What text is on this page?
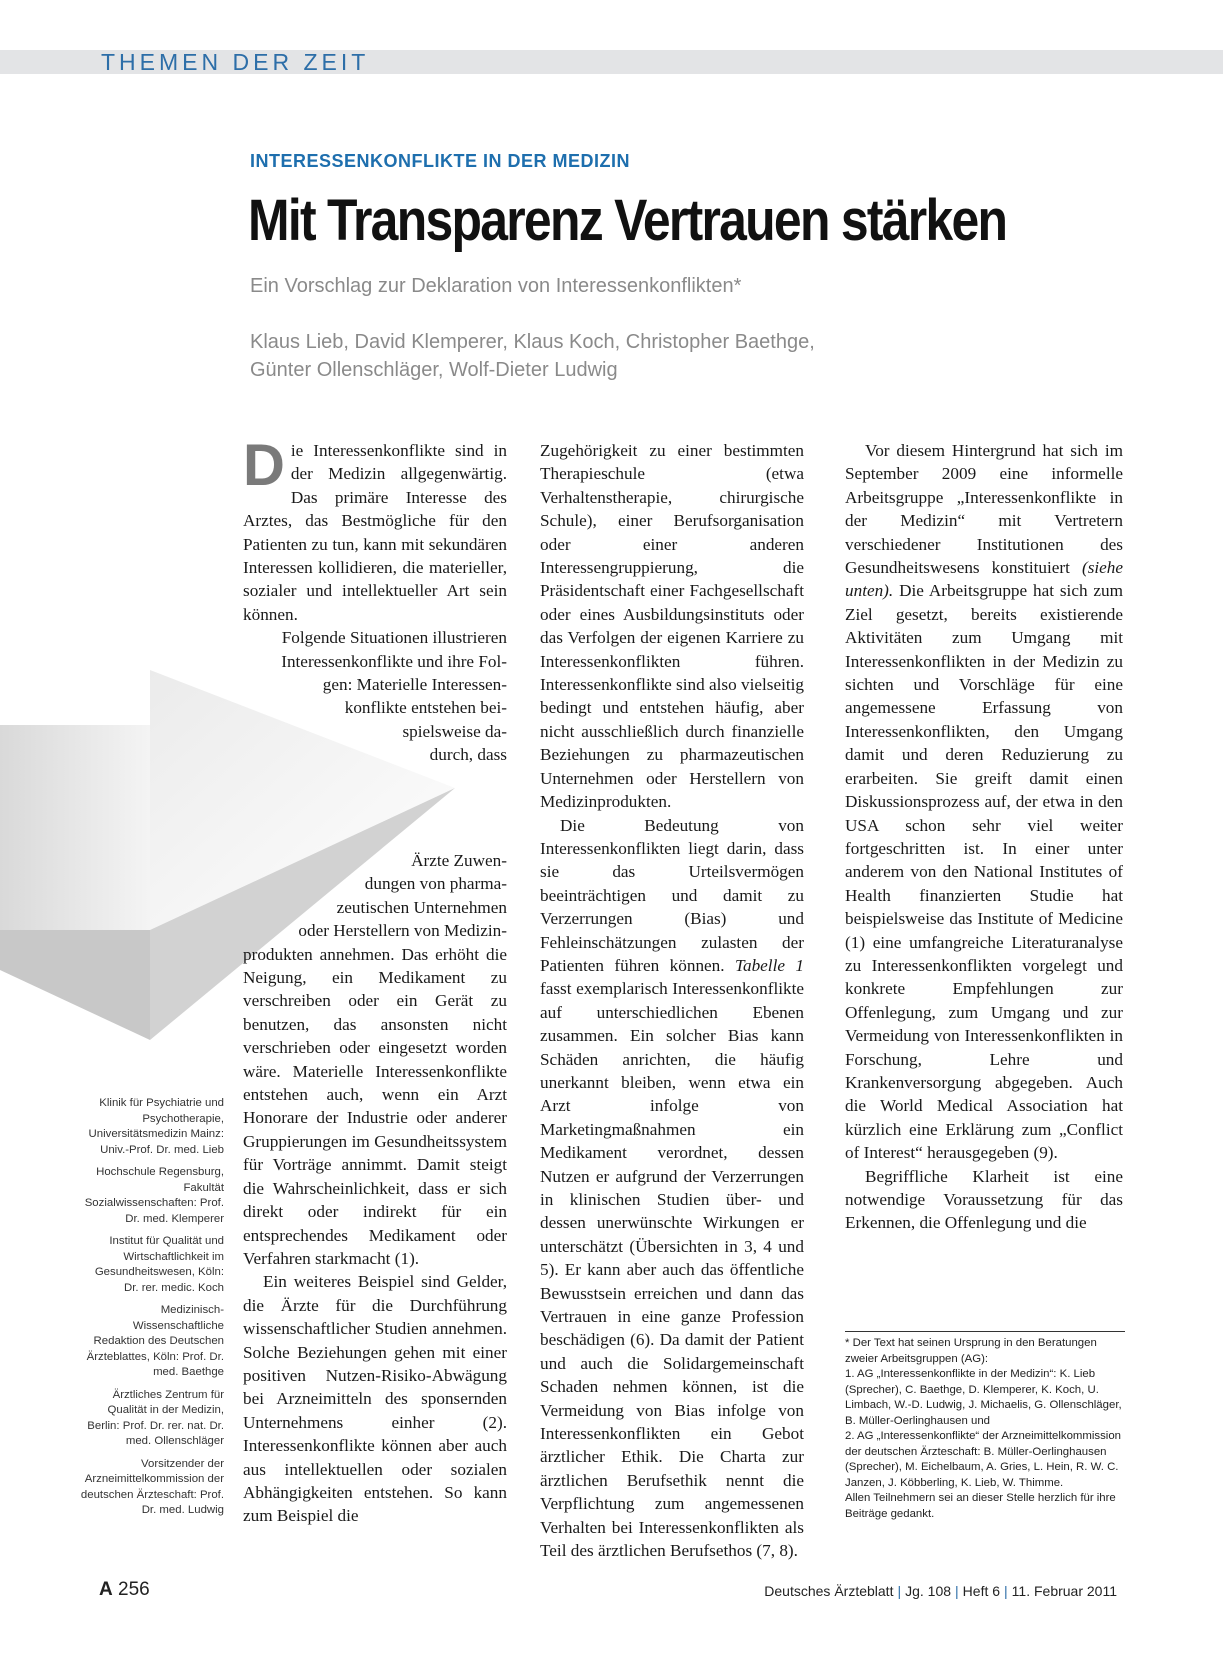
THEMEN DER ZEIT
INTERESSENKONFLIKTE IN DER MEDIZIN
Mit Transparenz Vertrauen stärken
Ein Vorschlag zur Deklaration von Interessenkonflikten*
Klaus Lieb, David Klemperer, Klaus Koch, Christopher Baethge,
Günter Ollenschläger, Wolf-Dieter Ludwig
D ie Interessenkonflikte sind in der Medizin allgegenwärtig. Das primäre Interesse des Arztes, das Bestmögliche für den Patienten zu tun, kann mit sekundären Interessen kollidieren, die materieller, sozialer und intellektueller Art sein können.

Folgende Situationen illustrieren
Interessenkonflikte und ihre Fol-
gen: Materielle Interessen-
konflikte entstehen bei-
spielsweise da-
durch, dass
Ärzte Zuwen-
dungen von pharma-
zeutischen Unternehmen
oder Herstellern von Medizin-

produkten annehmen. Das erhöht die Neigung, ein Medikament zu verschreiben oder ein Gerät zu benutzen, das ansonsten nicht verschrieben oder eingesetzt worden wäre. Materielle Interessenkonflikte entstehen auch, wenn ein Arzt Honorare der Industrie oder anderer Gruppierungen im Gesundheitssystem für Vorträge annimmt. Damit steigt die Wahrscheinlichkeit, dass er sich direkt oder indirekt für ein entsprechendes Medikament oder Verfahren starkmacht (1).

Ein weiteres Beispiel sind Gelder, die Ärzte für die Durchführung wissenschaftlicher Studien annehmen. Solche Beziehungen gehen mit einer positiven Nutzen-Risiko-Abwägung bei Arzneimitteln des sponsernden Unternehmens einher (2). Interessenkonflikte können aber auch aus intellektuellen oder sozialen Abhängigkeiten entstehen. So kann zum Beispiel die

Zugehörigkeit zu einer bestimmten Therapieschule (etwa Verhaltenstherapie, chirurgische Schule), einer Berufsorganisation oder einer anderen Interessengruppierung, die Präsidentschaft einer Fachgesellschaft oder eines Ausbildungsinstituts oder das Verfolgen der eigenen Karriere zu Interessenkonflikten führen. Interessenkonflikte sind also vielseitig bedingt und entstehen häufig, aber nicht ausschließlich durch finanzielle Beziehungen zu pharmazeutischen Unternehmen oder Herstellern von Medizinprodukten.

Die Bedeutung von Interessenkonflikten liegt darin, dass sie das Urteilsvermögen beeinträchtigen und damit zu Verzerrungen (Bias) und Fehleinschätzungen zulasten der Patienten führen können. Tabelle 1 fasst exemplarisch Interessenkonflikte auf unterschiedlichen Ebenen zusammen. Ein solcher Bias kann Schäden anrichten, die häufig unerkannt bleiben, wenn etwa ein Arzt infolge von Marketingmaßnahmen ein Medikament verordnet, dessen Nutzen er aufgrund der Verzerrungen in klinischen Studien über- und dessen unerwünschte Wirkungen er unterschätzt (Übersichten in 3, 4 und 5). Er kann aber auch das öffentliche Bewusstsein erreichen und dann das Vertrauen in eine ganze Profession beschädigen (6). Da damit der Patient und auch die Solidargemeinschaft Schaden nehmen können, ist die Vermeidung von Bias infolge von Interessenkonflikten ein Gebot ärztlicher Ethik. Die Charta zur ärztlichen Berufsethik nennt die Verpflichtung zum angemessenen Verhalten bei Interessenkonflikten als Teil des ärztlichen Berufsethos (7, 8).

Vor diesem Hintergrund hat sich im September 2009 eine informelle Arbeitsgruppe „Interessenkonflikte in der Medizin“ mit Vertretern verschiedener Institutionen des Gesundheitswesens konstituiert (siehe unten). Die Arbeitsgruppe hat sich zum Ziel gesetzt, bereits existierende Aktivitäten zum Umgang mit Interessenkonflikten in der Medizin zu sichten und Vorschläge für eine angemessene Erfassung von Interessenkonflikten, den Umgang damit und deren Reduzierung zu erarbeiten. Sie greift damit einen Diskussionsprozess auf, der etwa in den USA schon sehr viel weiter fortgeschritten ist. In einer unter anderem von den National Institutes of Health finanzierten Studie hat beispielsweise das Institute of Medicine (1) eine umfangreiche Literaturanalyse zu Interessenkonflikten vorgelegt und konkrete Empfehlungen zur Offenlegung, zum Umgang und zur Vermeidung von Interessenkonflikten in Forschung, Lehre und Krankenversorgung abgegeben. Auch die World Medical Association hat kürzlich eine Erklärung zum „Conflict of Interest“ herausgegeben (9).

Begriffliche Klarheit ist eine notwendige Voraussetzung für das Erkennen, die Offenlegung und die

Klinik für Psychiatrie und Psychotherapie, Universitätsmedizin Mainz: Univ.-Prof. Dr. med. Lieb

Hochschule Regensburg, Fakultät Sozialwissenschaften: Prof. Dr. med. Klemperer

Institut für Qualität und Wirtschaftlichkeit im Gesundheitswesen, Köln: Dr. rer. medic. Koch

Medizinisch-Wissenschaftliche Redaktion des Deutschen Ärzteblattes, Köln: Prof. Dr. med. Baethge

Ärztliches Zentrum für Qualität in der Medizin, Berlin: Prof. Dr. rer. nat. Dr. med. Ollenschläger

Vorsitzender der Arzneimittelkommission der deutschen Ärzteschaft: Prof. Dr. med. Ludwig

* Der Text hat seinen Ursprung in den Beratungen zweier Arbeitsgruppen (AG):

1. AG „Interessenkonflikte in der Medizin“: K. Lieb (Sprecher), C. Baethge, D. Klemperer, K. Koch, U. Limbach, W.-D. Ludwig, J. Michaelis, G. Ollenschläger, B. Müller-Oerlinghausen und

2. AG „Interessenkonflikte“ der Arzneimittelkommission der deutschen Ärzteschaft: B. Müller-Oerlinghausen (Sprecher), M. Eichelbaum, A. Gries, L. Hein, R. W. C. Janzen, J. Köbberling, K. Lieb, W. Thimme.

Allen Teilnehmern sei an dieser Stelle herzlich für ihre Beiträge gedankt.

A 256	Deutsches Ärzteblatt | Jg. 108 | Heft 6 | 11. Februar 2011
